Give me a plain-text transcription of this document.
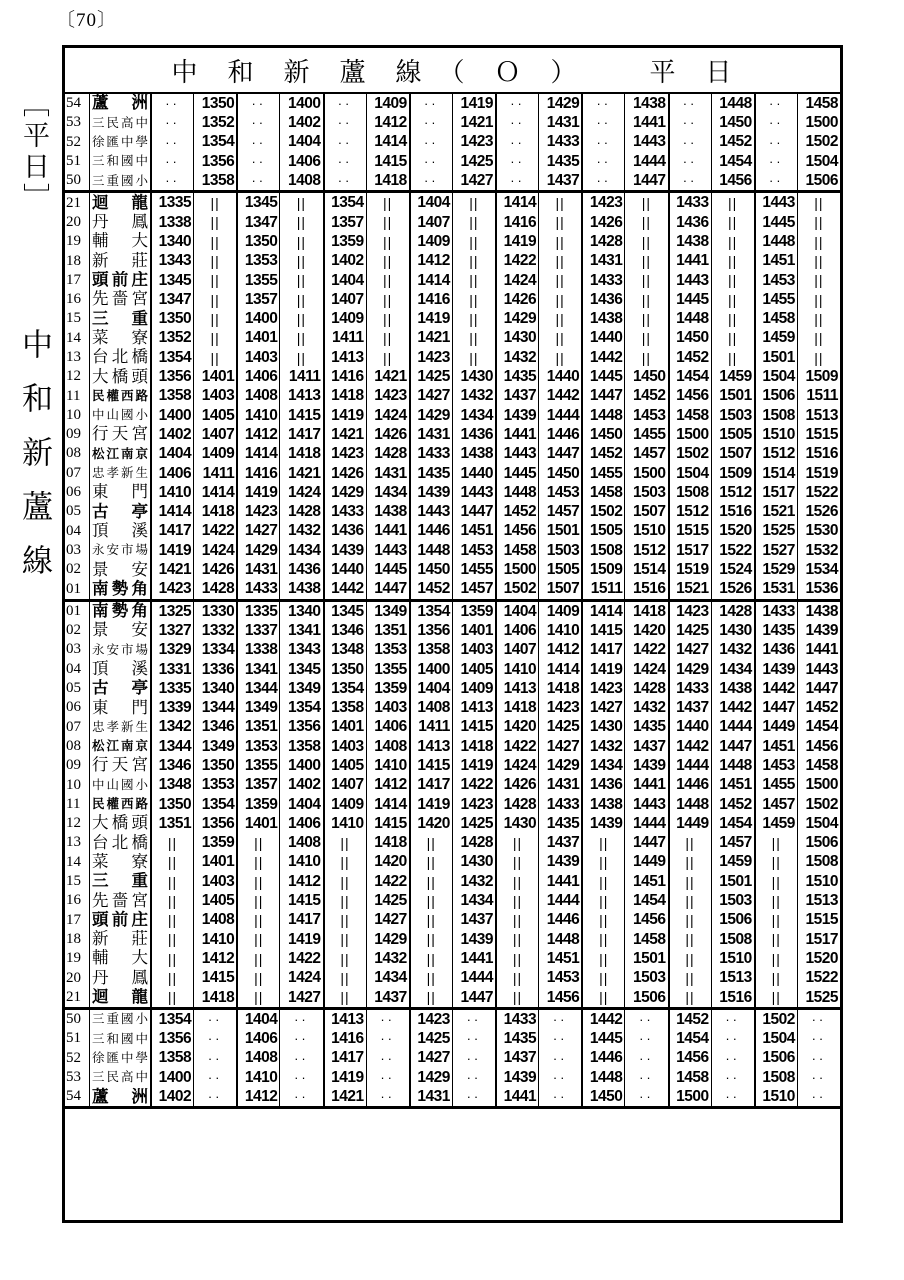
〔70〕
［平日］
中和新蘆線
中　和　新　蘆　線　（　Ｏ　）　　　平　日
54 蘆 洲	··	1350	··	1400	··	1409	··	1419	··	1429	··	1438	··	1448	··	1458
53 三 民 高 中	··	1352	··	1402	··	1412	··	1421	··	1431	··	1441	··	1450	··	1500
52 徐 匯 中 學	··	1354	··	1404	··	1414	··	1423	··	1433	··	1443	··	1452	··	1502
51 三 和 國 中	··	1356	··	1406	··	1415	··	1425	··	1435	··	1444	··	1454	··	1504
50 三 重 國 小	··	1358	··	1408	··	1418	··	1427	··	1437	··	1447	··	1456	··	1506
21 迴 龍 1335	||	1345	||	1354	||	1404	||	1414	||	1423	||	1433	||	1443	||
20 丹 鳳 1338	||	1347	||	1357	||	1407	||	1416	||	1426	||	1436	||	1445	||
19 輔 大 1340	||	1350	||	1359	||	1409	||	1419	||	1428	||	1438	||	1448	||
18 新 莊 1343	||	1353	||	1402	||	1412	||	1422	||	1431	||	1441	||	1451	||
17 頭 前 庄 1345	||	1355	||	1404	||	1414	||	1424	||	1433	||	1443	||	1453	||
16 先 嗇 宮 1347	||	1357	||	1407	||	1416	||	1426	||	1436	||	1445	||	1455	||
15 三 重 1350	||	1400	||	1409	||	1419	||	1429	||	1438	||	1448	||	1458	||
14 菜 寮 1352	||	1401	||	1411	||	1421	||	1430	||	1440	||	1450	||	1459	||
13 台 北 橋 1354	||	1403	||	1413	||	1423	||	1432	||	1442	||	1452	||	1501	||
12 大 橋 頭 1356 1401 1406 1411 1416 1421 1425 1430 1435 1440 1445 1450 1454 1459 1504 1509
11 民 權 西 路 1358 1403 1408 1413 1418 1423 1427 1432 1437 1442 1447 1452 1456 1501 1506 1511
10 中 山 國 小 1400 1405 1410 1415 1419 1424 1429 1434 1439 1444 1448 1453 1458 1503 1508 1513
09 行 天 宮 1402 1407 1412 1417 1421 1426 1431 1436 1441 1446 1450 1455 1500 1505 1510 1515
08 松 江 南 京 1404 1409 1414 1418 1423 1428 1433 1438 1443 1447 1452 1457 1502 1507 1512 1516
07 忠 孝 新 生 1406 1411 1416 1421 1426 1431 1435 1440 1445 1450 1455 1500 1504 1509 1514 1519
06 東 門 1410 1414 1419 1424 1429 1434 1439 1443 1448 1453 1458 1503 1508 1512 1517 1522
05 古 亭 1414 1418 1423 1428 1433 1438 1443 1447 1452 1457 1502 1507 1512 1516 1521 1526
04 頂 溪 1417 1422 1427 1432 1436 1441 1446 1451 1456 1501 1505 1510 1515 1520 1525 1530
03 永 安 市 場 1419 1424 1429 1434 1439 1443 1448 1453 1458 1503 1508 1512 1517 1522 1527 1532
02 景 安 1421 1426 1431 1436 1440 1445 1450 1455 1500 1505 1509 1514 1519 1524 1529 1534
01 南 勢 角 1423 1428 1433 1438 1442 1447 1452 1457 1502 1507 1511 1516 1521 1526 1531 1536
01 南 勢 角 1325 1330 1335 1340 1345 1349 1354 1359 1404 1409 1414 1418 1423 1428 1433 1438
02 景 安 1327 1332 1337 1341 1346 1351 1356 1401 1406 1410 1415 1420 1425 1430 1435 1439
03 永 安 市 場 1329 1334 1338 1343 1348 1353 1358 1403 1407 1412 1417 1422 1427 1432 1436 1441
04 頂 溪 1331 1336 1341 1345 1350 1355 1400 1405 1410 1414 1419 1424 1429 1434 1439 1443
05 古 亭 1335 1340 1344 1349 1354 1359 1404 1409 1413 1418 1423 1428 1433 1438 1442 1447
06 東 門 1339 1344 1349 1354 1358 1403 1408 1413 1418 1423 1427 1432 1437 1442 1447 1452
07 忠 孝 新 生 1342 1346 1351 1356 1401 1406 1411 1415 1420 1425 1430 1435 1440 1444 1449 1454
08 松 江 南 京 1344 1349 1353 1358 1403 1408 1413 1418 1422 1427 1432 1437 1442 1447 1451 1456
09 行 天 宮 1346 1350 1355 1400 1405 1410 1415 1419 1424 1429 1434 1439 1444 1448 1453 1458
10 中 山 國 小 1348 1353 1357 1402 1407 1412 1417 1422 1426 1431 1436 1441 1446 1451 1455 1500
11 民 權 西 路 1350 1354 1359 1404 1409 1414 1419 1423 1428 1433 1438 1443 1448 1452 1457 1502
12 大 橋 頭 1351 1356 1401 1406 1410 1415 1420 1425 1430 1435 1439 1444 1449 1454 1459 1504
13 台 北 橋	||	1359	||	1408	||	1418	||	1428	||	1437	||	1447	||	1457	||	1506
14 菜 寮	||	1401	||	1410	||	1420	||	1430	||	1439	||	1449	||	1459	||	1508
15 三 重	||	1403	||	1412	||	1422	||	1432	||	1441	||	1451	||	1501	||	1510
16 先 嗇 宮	||	1405	||	1415	||	1425	||	1434	||	1444	||	1454	||	1503	||	1513
17 頭 前 庄	||	1408	||	1417	||	1427	||	1437	||	1446	||	1456	||	1506	||	1515
18 新 莊	||	1410	||	1419	||	1429	||	1439	||	1448	||	1458	||	1508	||	1517
19 輔 大	||	1412	||	1422	||	1432	||	1441	||	1451	||	1501	||	1510	||	1520
20 丹 鳳	||	1415	||	1424	||	1434	||	1444	||	1453	||	1503	||	1513	||	1522
21 迴 龍	||	1418	||	1427	||	1437	||	1447	||	1456	||	1506	||	1516	||	1525
50 三 重 國 小 1354	··	1404	··	1413	··	1423	··	1433	··	1442	··	1452	··	1502	··
51 三 和 國 中 1356	··	1406	··	1416	··	1425	··	1435	··	1445	··	1454	··	1504	··
52 徐 匯 中 學 1358	··	1408	··	1417	··	1427	··	1437	··	1446	··	1456	··	1506	··
53 三 民 高 中 1400	··	1410	··	1419	··	1429	··	1439	··	1448	··	1458	··	1508	··
54 蘆 洲 1402	··	1412	··	1421	··	1431	··	1441	··	1450	··	1500	··	1510	··
